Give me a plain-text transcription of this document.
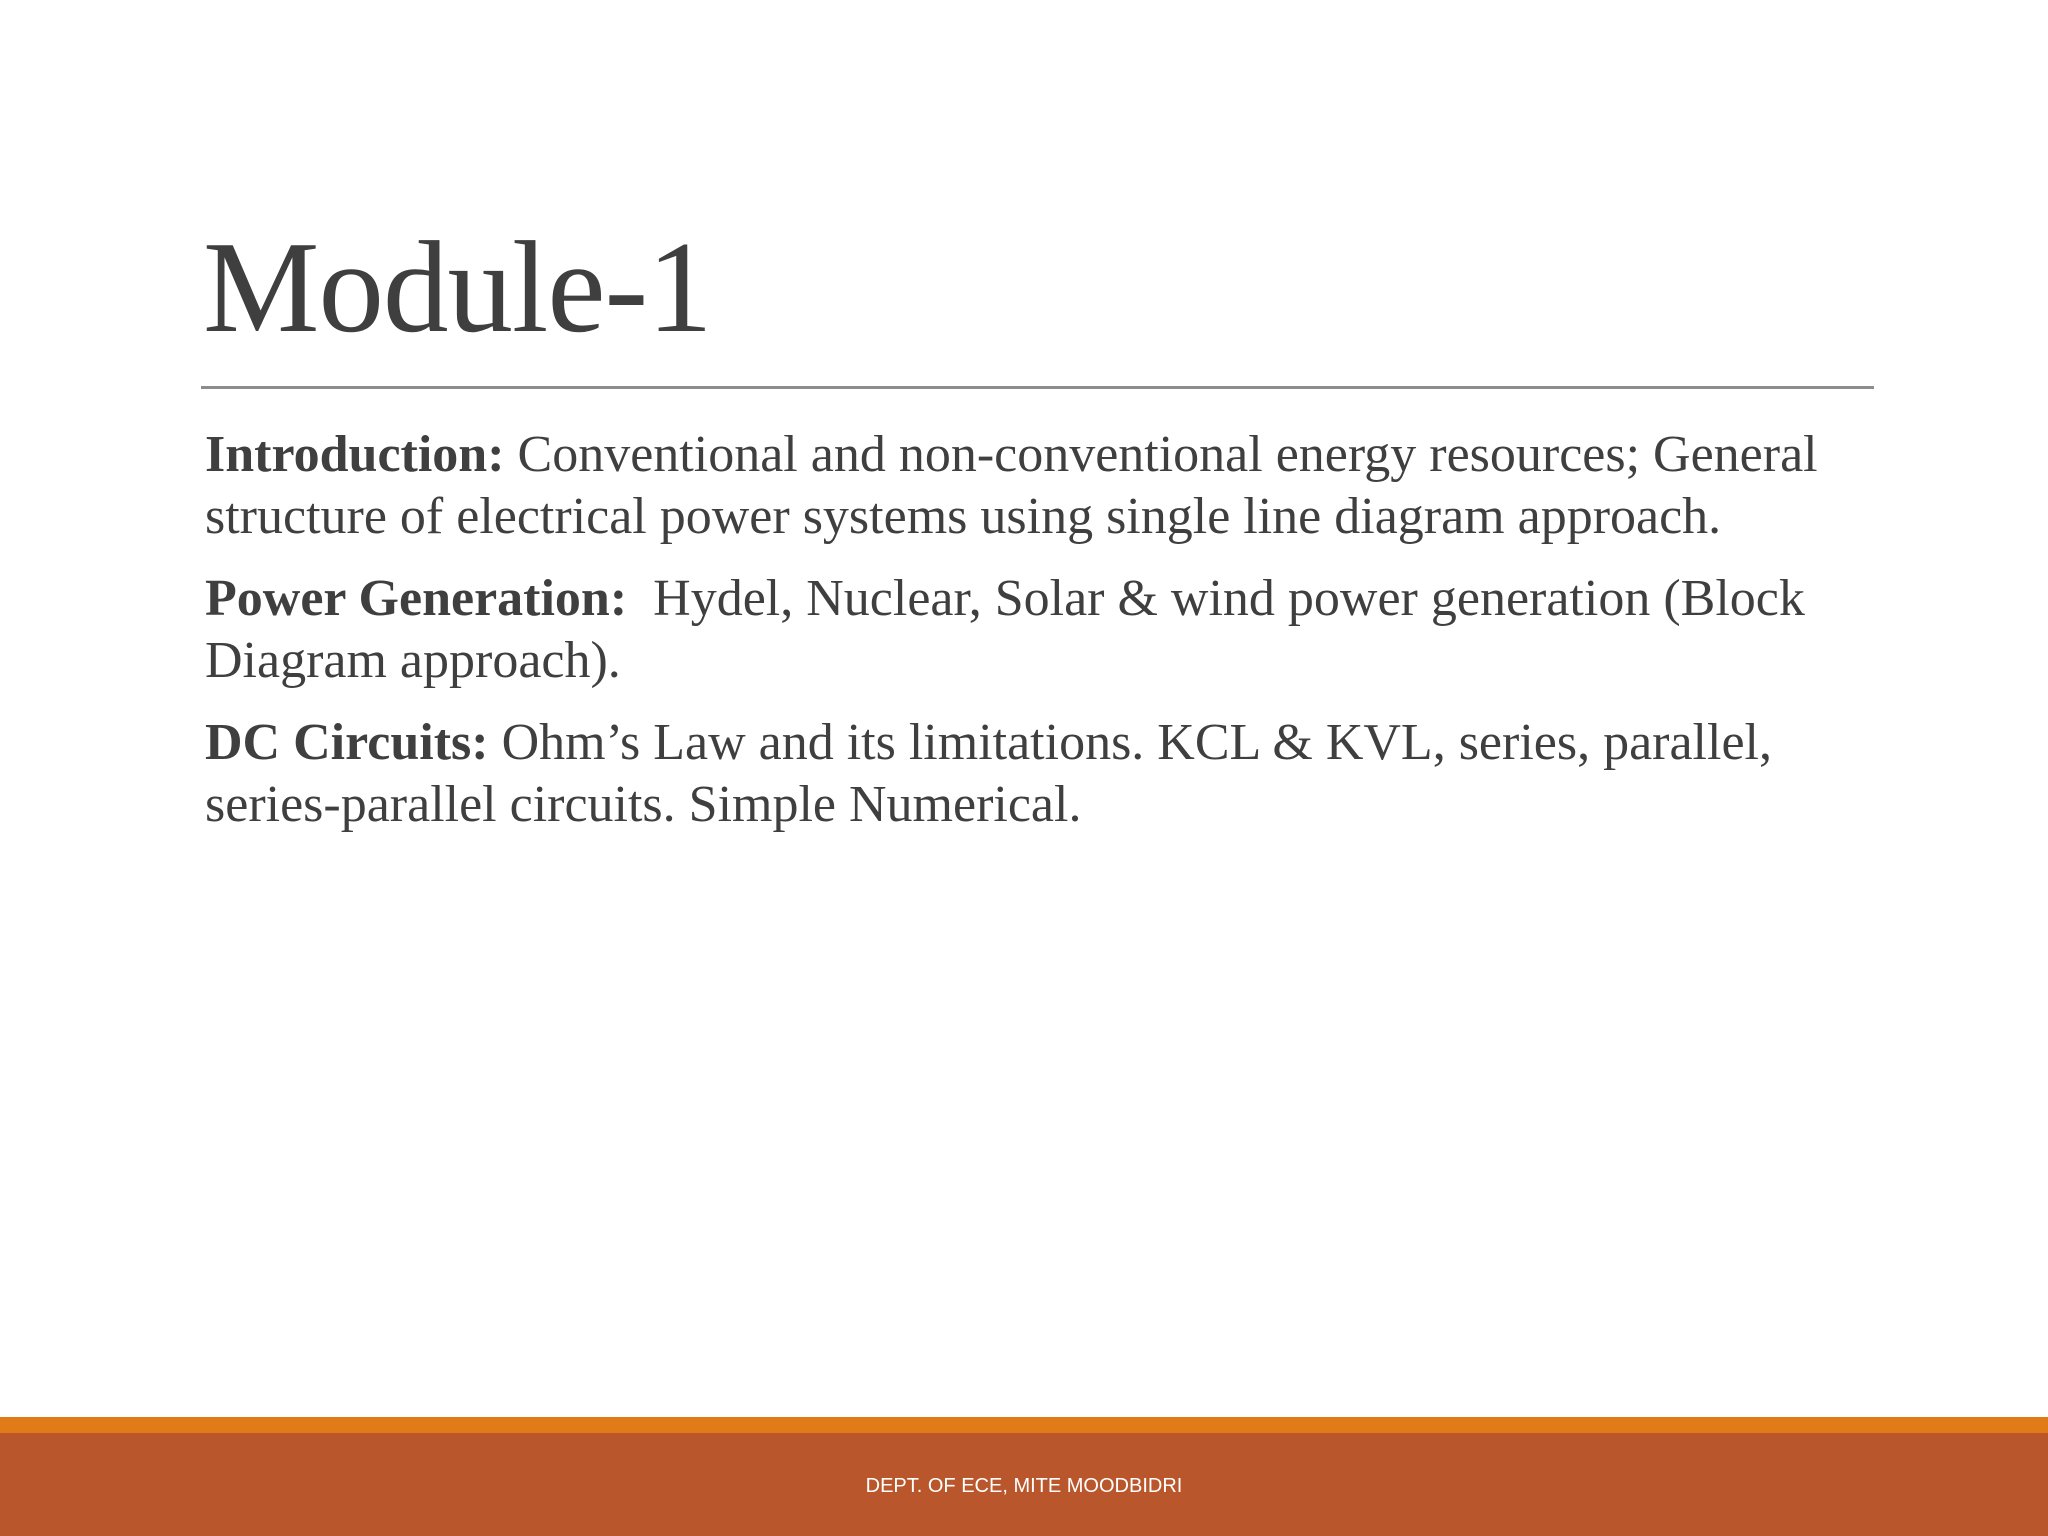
Module-1

Introduction: Conventional and non-conventional energy resources; General structure of electrical power systems using single line diagram approach.

Power Generation:  Hydel, Nuclear, Solar & wind power generation (Block Diagram approach).

DC Circuits: Ohm’s Law and its limitations. KCL & KVL, series, parallel, series-parallel circuits. Simple Numerical.

DEPT. OF ECE, MITE MOODBIDRI
